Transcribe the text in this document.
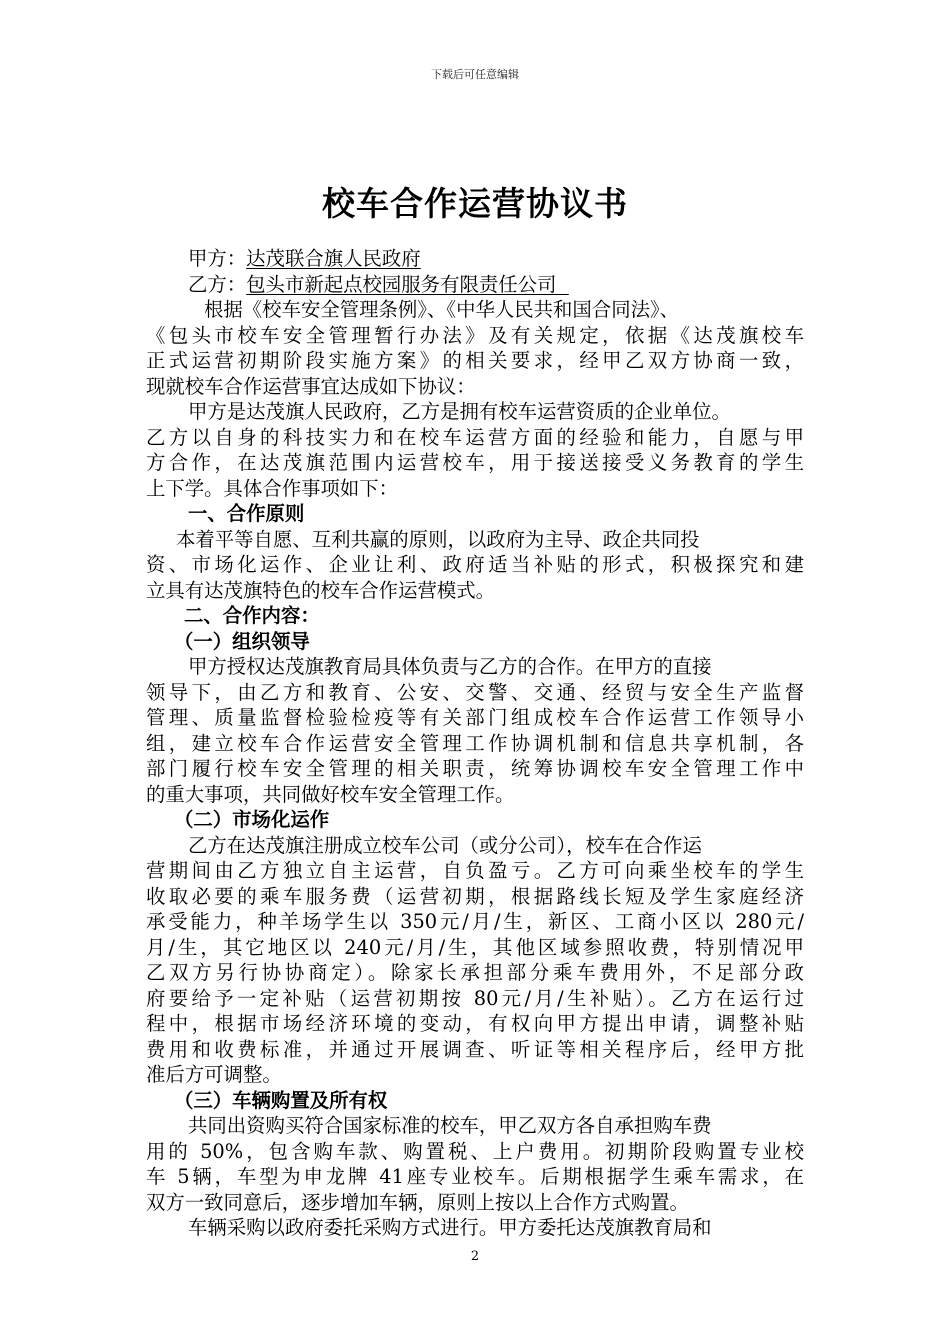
下载后可任意编辑
校车合作运营协议书
甲方：达茂联合旗人民政府
乙方：包头市新起点校园服务有限责任公司
根据《校车安全管理条例》、《中华人民共和国合同法》、
《包头市校车安全管理暂行办法》及有关规定，依据《达茂旗校车
正式运营初期阶段实施方案》的相关要求，经甲乙双方协商一致，
现就校车合作运营事宜达成如下协议：
甲方是达茂旗人民政府，乙方是拥有校车运营资质的企业单位。
乙方以自身的科技实力和在校车运营方面的经验和能力，自愿与甲
方合作，在达茂旗范围内运营校车，用于接送接受义务教育的学生
上下学。具体合作事项如下：
一、合作原则
本着平等自愿、互利共赢的原则，以政府为主导、政企共同投
资、市场化运作、企业让利、政府适当补贴的形式，积极探究和建
立具有达茂旗特色的校车合作运营模式。
二、合作内容：
（一）组织领导
甲方授权达茂旗教育局具体负责与乙方的合作。在甲方的直接
领导下，由乙方和教育、公安、交警、交通、经贸与安全生产监督
管理、质量监督检验检疫等有关部门组成校车合作运营工作领导小
组，建立校车合作运营安全管理工作协调机制和信息共享机制，各
部门履行校车安全管理的相关职责，统筹协调校车安全管理工作中
的重大事项，共同做好校车安全管理工作。
（二）市场化运作
乙方在达茂旗注册成立校车公司（或分公司），校车在合作运
营期间由乙方独立自主运营，自负盈亏。乙方可向乘坐校车的学生
收取必要的乘车服务费（运营初期，根据路线长短及学生家庭经济
承受能力，种羊场学生以 350元/月/生，新区、工商小区以 280元/
月/生，其它地区以 240元/月/生，其他区域参照收费，特别情况甲
乙双方另行协协商定）。除家长承担部分乘车费用外，不足部分政
府要给予一定补贴（运营初期按 80元/月/生补贴）。乙方在运行过
程中，根据市场经济环境的变动，有权向甲方提出申请，调整补贴
费用和收费标准，并通过开展调查、听证等相关程序后，经甲方批
准后方可调整。
（三）车辆购置及所有权
共同出资购买符合国家标准的校车，甲乙双方各自承担购车费
用的 50%，包含购车款、购置税、上户费用。初期阶段购置专业校
车 5辆，车型为申龙牌 41座专业校车。后期根据学生乘车需求，在
双方一致同意后，逐步增加车辆，原则上按以上合作方式购置。
车辆采购以政府委托采购方式进行。甲方委托达茂旗教育局和
2
